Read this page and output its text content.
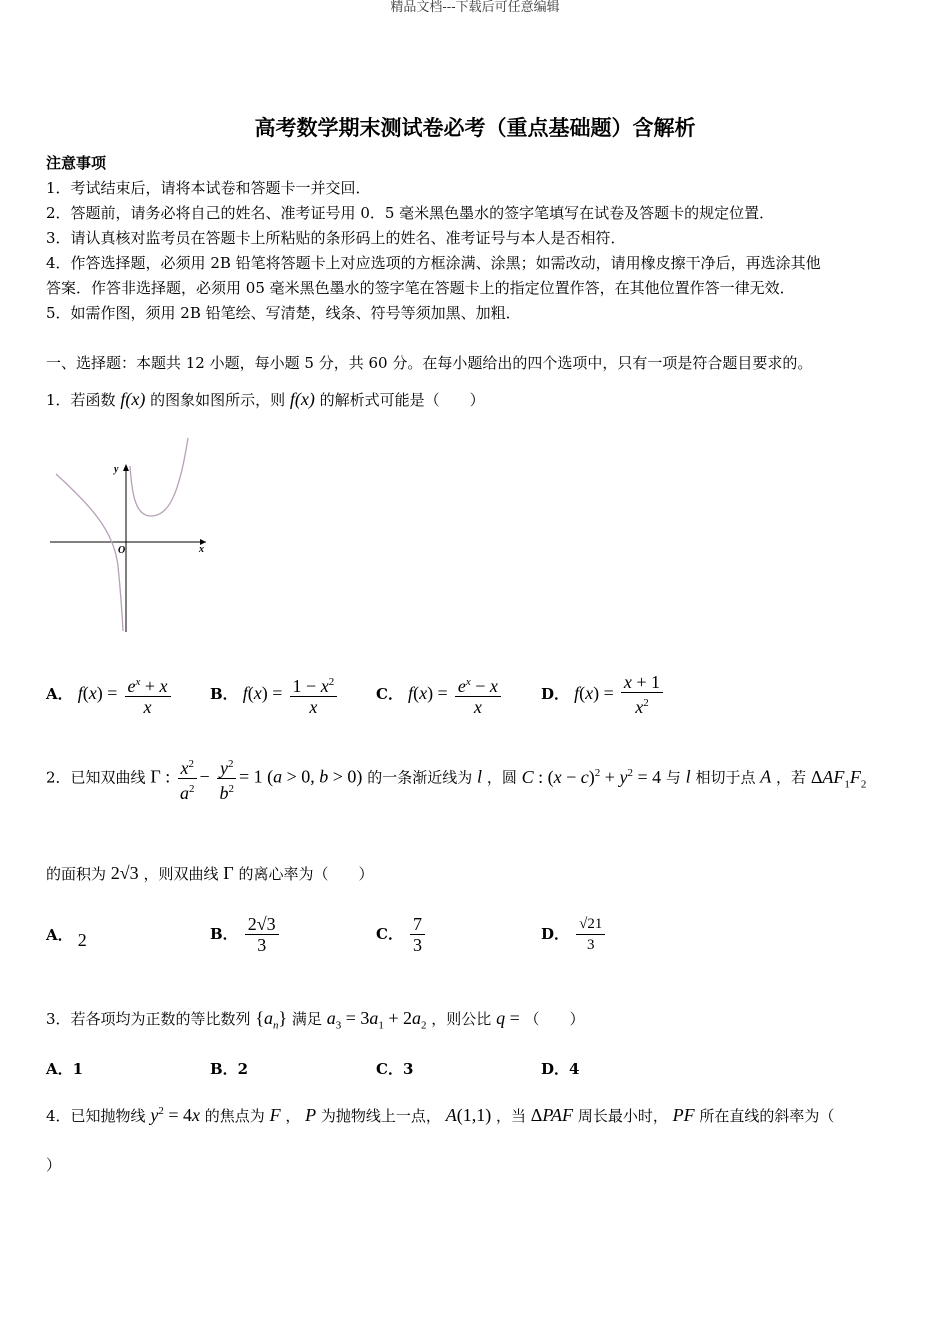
精品文档---下载后可任意编辑
高考数学期末测试卷必考（重点基础题）含解析
注意事项
1．考试结束后，请将本试卷和答题卡一并交回．
2．答题前，请务必将自己的姓名、准考证号用 0．5 毫米黑色墨水的签字笔填写在试卷及答题卡的规定位置．
3．请认真核对监考员在答题卡上所粘贴的条形码上的姓名、准考证号与本人是否相符．
4．作答选择题，必须用 2B 铅笔将答题卡上对应选项的方框涂满、涂黑；如需改动，请用橡皮擦干净后，再选涂其他
答案．作答非选择题，必须用 05 毫米黑色墨水的签字笔在答题卡上的指定位置作答，在其他位置作答一律无效．
5．如需作图，须用 2B 铅笔绘、写清楚，线条、符号等须加黑、加粗．
一、选择题：本题共 12 小题，每小题 5 分，共 60 分。在每小题给出的四个选项中，只有一项是符合题目要求的。
1．若函数 f(x) 的图象如图所示，则 f(x) 的解析式可能是（　　）
y
x
O
A． $f(x) = \frac{e^x + x}{x}$	B． $f(x) = \frac{1 - x^2}{x}$	C． $f(x) = \frac{e^x - x}{x}$	D． $f(x) = \frac{x + 1}{x^2}$
2．已知双曲线 Γ : $\frac{x^2}{a^2} - \frac{y^2}{b^2} = 1$ (a > 0, b > 0) 的一条渐近线为 l ，圆 C : $(x - c)^2 + y^2 = 4$ 与 l 相切于点 A ，若 $\Delta AF_1F_2$
的面积为 2√3 ，则双曲线 Γ 的离心率为（　　）
A． 2	B． $\frac{2√3}{3}$	C． $\frac{7}{3}$	D． $\frac{√21}{3}$
3．若各项均为正数的等比数列 $\{a_n\}$ 满足 $a_3 = 3a_1 + 2a_2$ ，则公比 q = （　　）
A．1	B．2	C．3	D．4
4．已知抛物线 $y^2 = 4x$ 的焦点为 F ， P 为抛物线上一点， A(1,1) ，当 ΔPAF 周长最小时， PF 所在直线的斜率为（
）
